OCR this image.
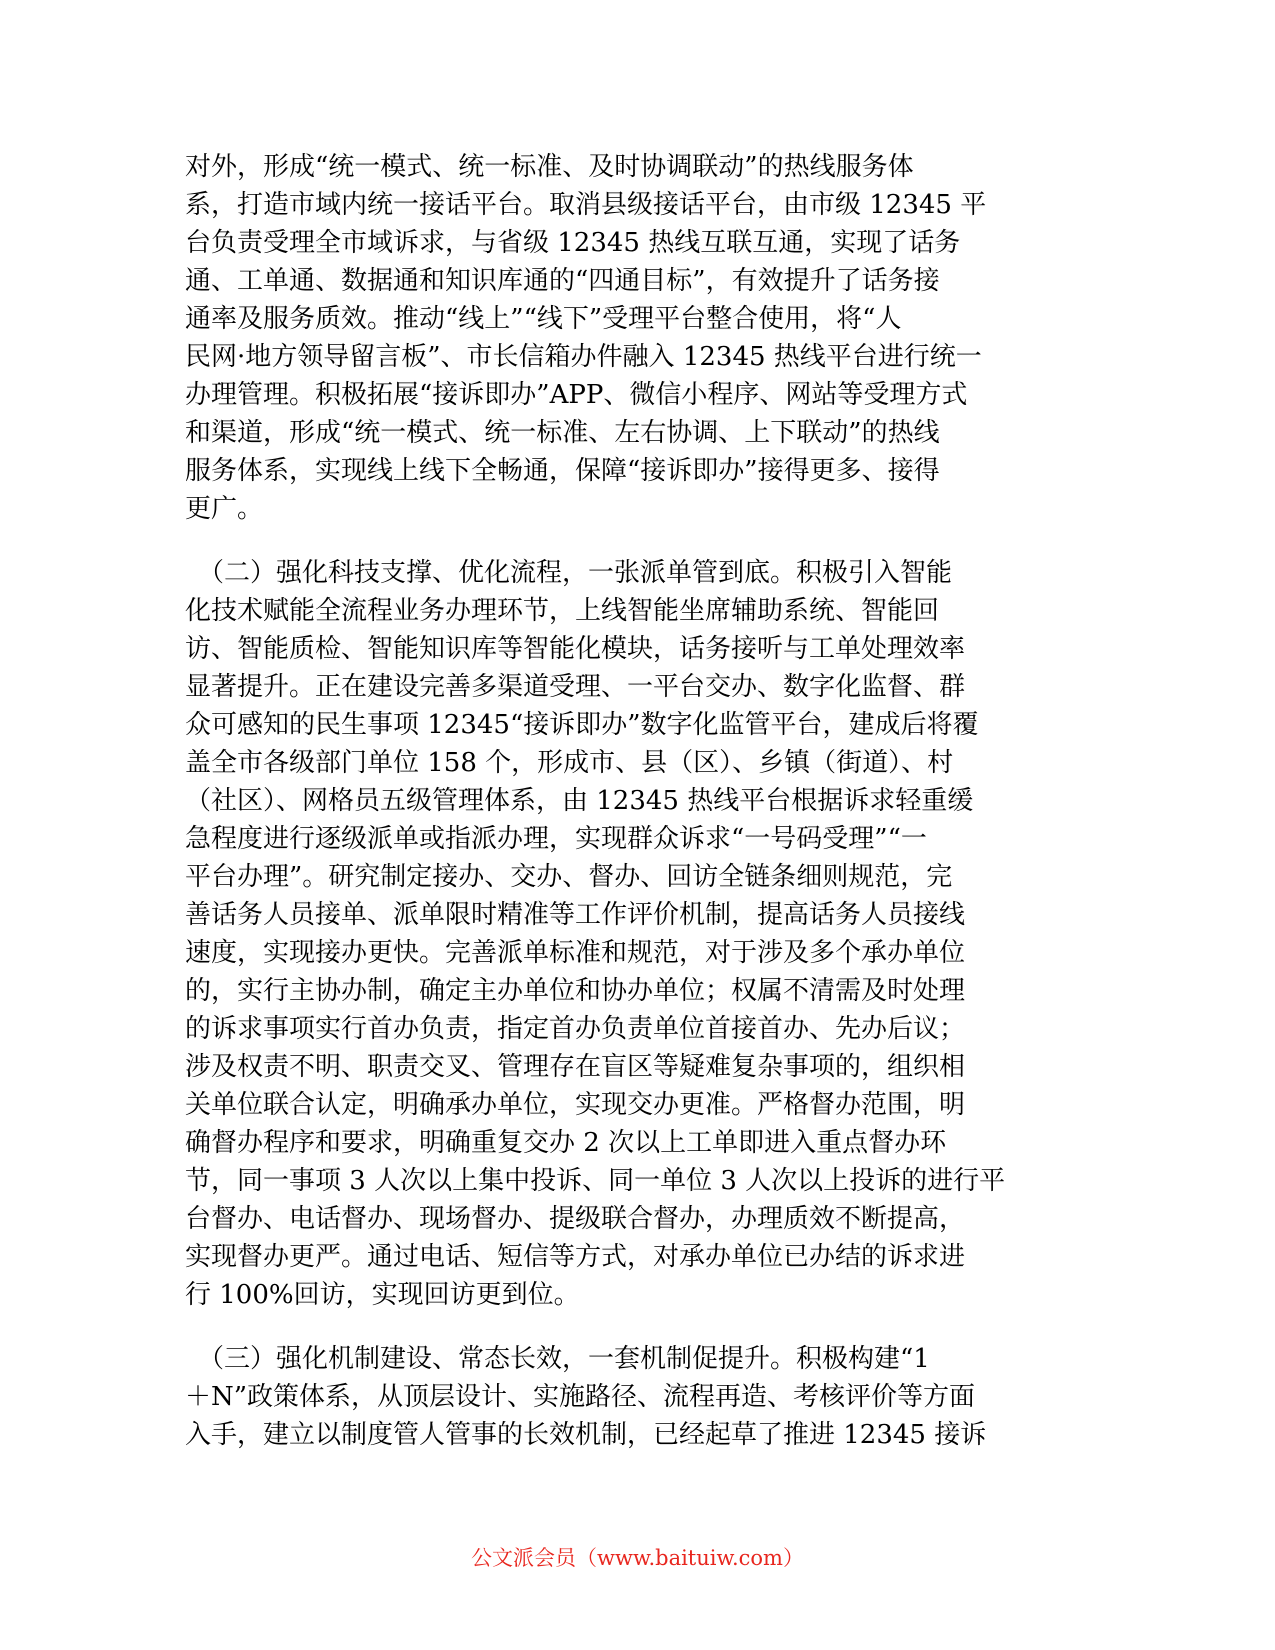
对外，形成“统一模式、统一标准、及时协调联动”的热线服务体
系，打造市域内统一接话平台。取消县级接话平台，由市级 12345 平
台负责受理全市域诉求，与省级 12345 热线互联互通，实现了话务
通、工单通、数据通和知识库通的“四通目标”，有效提升了话务接
通率及服务质效。推动“线上”“线下”受理平台整合使用，将“人
民网·地方领导留言板”、市长信箱办件融入 12345 热线平台进行统一
办理管理。积极拓展“接诉即办”APP、微信小程序、网站等受理方式
和渠道，形成“统一模式、统一标准、左右协调、上下联动”的热线
服务体系，实现线上线下全畅通，保障“接诉即办”接得更多、接得
更广。
　（二）强化科技支撑、优化流程，一张派单管到底。积极引入智能
化技术赋能全流程业务办理环节，上线智能坐席辅助系统、智能回
访、智能质检、智能知识库等智能化模块，话务接听与工单处理效率
显著提升。正在建设完善多渠道受理、一平台交办、数字化监督、群
众可感知的民生事项 12345“接诉即办”数字化监管平台，建成后将覆
盖全市各级部门单位 158 个，形成市、县（区）、乡镇（街道）、村
（社区）、网格员五级管理体系，由 12345 热线平台根据诉求轻重缓
急程度进行逐级派单或指派办理，实现群众诉求“一号码受理”“一
平台办理”。研究制定接办、交办、督办、回访全链条细则规范，完
善话务人员接单、派单限时精准等工作评价机制，提高话务人员接线
速度，实现接办更快。完善派单标准和规范，对于涉及多个承办单位
的，实行主协办制，确定主办单位和协办单位；权属不清需及时处理
的诉求事项实行首办负责，指定首办负责单位首接首办、先办后议；
涉及权责不明、职责交叉、管理存在盲区等疑难复杂事项的，组织相
关单位联合认定，明确承办单位，实现交办更准。严格督办范围，明
确督办程序和要求，明确重复交办 2 次以上工单即进入重点督办环
节，同一事项 3 人次以上集中投诉、同一单位 3 人次以上投诉的进行平
台督办、电话督办、现场督办、提级联合督办，办理质效不断提高，
实现督办更严。通过电话、短信等方式，对承办单位已办结的诉求进
行 100%回访，实现回访更到位。
　（三）强化机制建设、常态长效，一套机制促提升。积极构建“1
＋N”政策体系，从顶层设计、实施路径、流程再造、考核评价等方面
入手，建立以制度管人管事的长效机制，已经起草了推进 12345 接诉
公文派会员（www.baituiw.com）
